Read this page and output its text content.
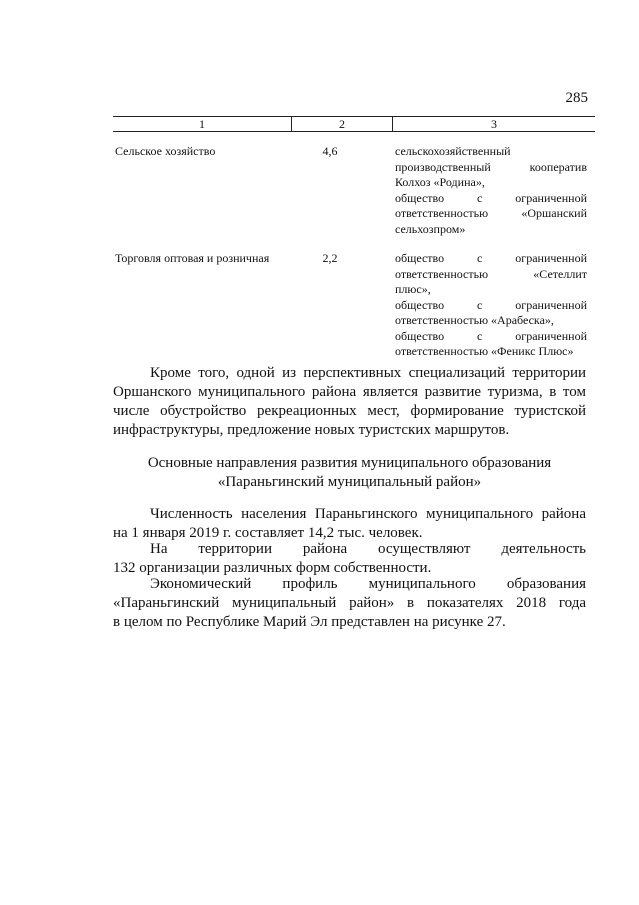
285
1	2	3
Сельское хозяйство	4,6	сельскохозяйственный
производственный кооператив
Колхоз «Родина»,
общество с ограниченной
ответственностью «Оршанский
сельхозпром»
Торговля оптовая и розничная	2,2	общество с ограниченной
ответственностью «Сетеллит
плюс»,
общество с ограниченной
ответственностью «Арабеска»,
общество с ограниченной
ответственностью «Феникс Плюс»

Кроме того, одной из перспективных специализаций территории

Оршанского муниципального района является развитие туризма, в том

числе обустройство рекреационных мест, формирование туристской

инфраструктуры, предложение новых туристских маршрутов.

Основные направления развития муниципального образования

«Параньгинский муниципальный район»

Численность населения Параньгинского муниципального района

на 1 января 2019 г. составляет 14,2 тыс. человек.

На территории района осуществляют деятельность

132 организации различных форм собственности.

Экономический профиль муниципального образования

«Параньгинский муниципальный район» в показателях 2018 года

в целом по Республике Марий Эл представлен на рисунке 27.
